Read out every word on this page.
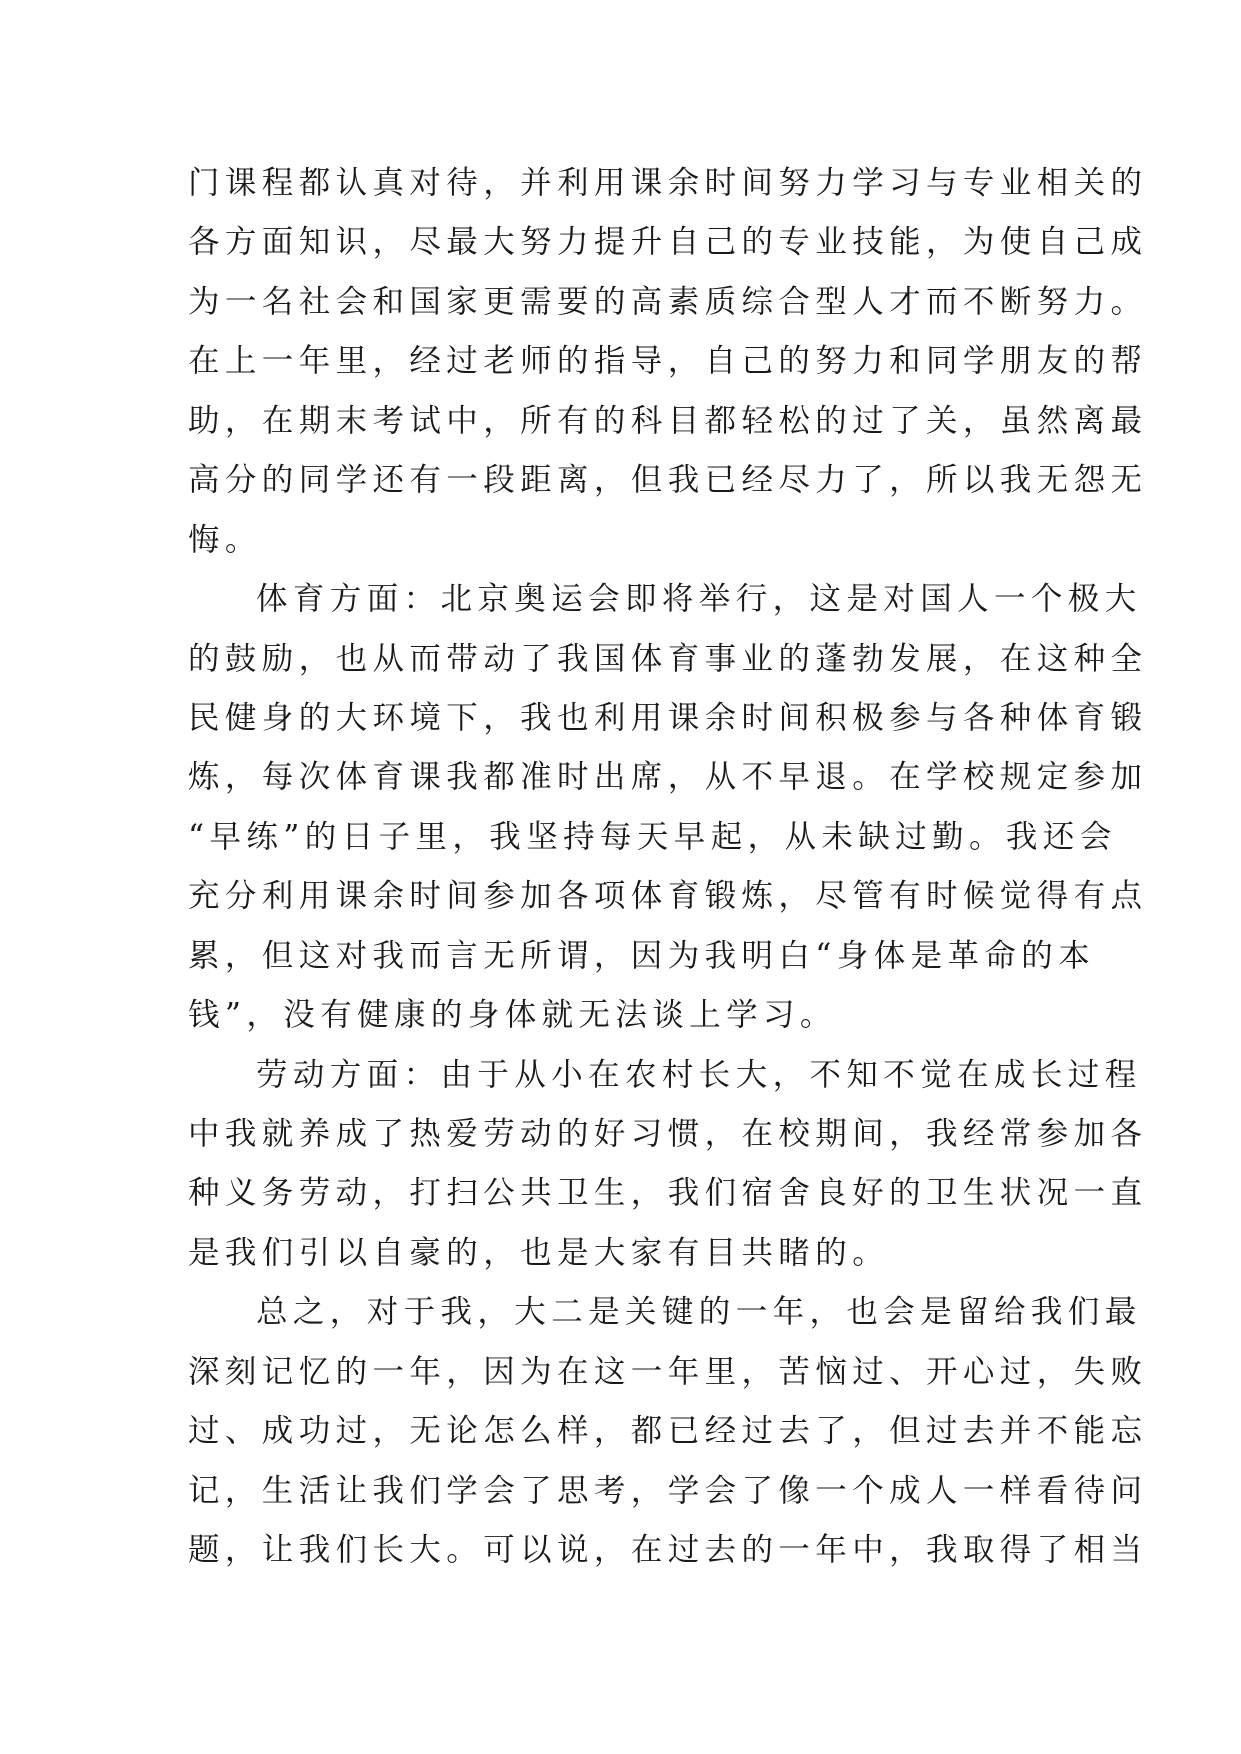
门课程都认真对待，并利用课余时间努力学习与专业相关的
各方面知识，尽最大努力提升自己的专业技能，为使自己成
为一名社会和国家更需要的高素质综合型人才而不断努力。
在上一年里，经过老师的指导，自己的努力和同学朋友的帮
助，在期末考试中，所有的科目都轻松的过了关，虽然离最
高分的同学还有一段距离，但我已经尽力了，所以我无怨无
悔。
体育方面：北京奥运会即将举行，这是对国人一个极大
的鼓励，也从而带动了我国体育事业的蓬勃发展，在这种全
民健身的大环境下，我也利用课余时间积极参与各种体育锻
炼，每次体育课我都准时出席，从不早退。在学校规定参加
“早练”的日子里，我坚持每天早起，从未缺过勤。我还会
充分利用课余时间参加各项体育锻炼，尽管有时候觉得有点
累，但这对我而言无所谓，因为我明白“身体是革命的本
钱”，没有健康的身体就无法谈上学习。
劳动方面：由于从小在农村长大，不知不觉在成长过程
中我就养成了热爱劳动的好习惯，在校期间，我经常参加各
种义务劳动，打扫公共卫生，我们宿舍良好的卫生状况一直
是我们引以自豪的，也是大家有目共睹的。
总之，对于我，大二是关键的一年，也会是留给我们最
深刻记忆的一年，因为在这一年里，苦恼过、开心过，失败
过、成功过，无论怎么样，都已经过去了，但过去并不能忘
记，生活让我们学会了思考，学会了像一个成人一样看待问
题，让我们长大。可以说，在过去的一年中，我取得了相当
